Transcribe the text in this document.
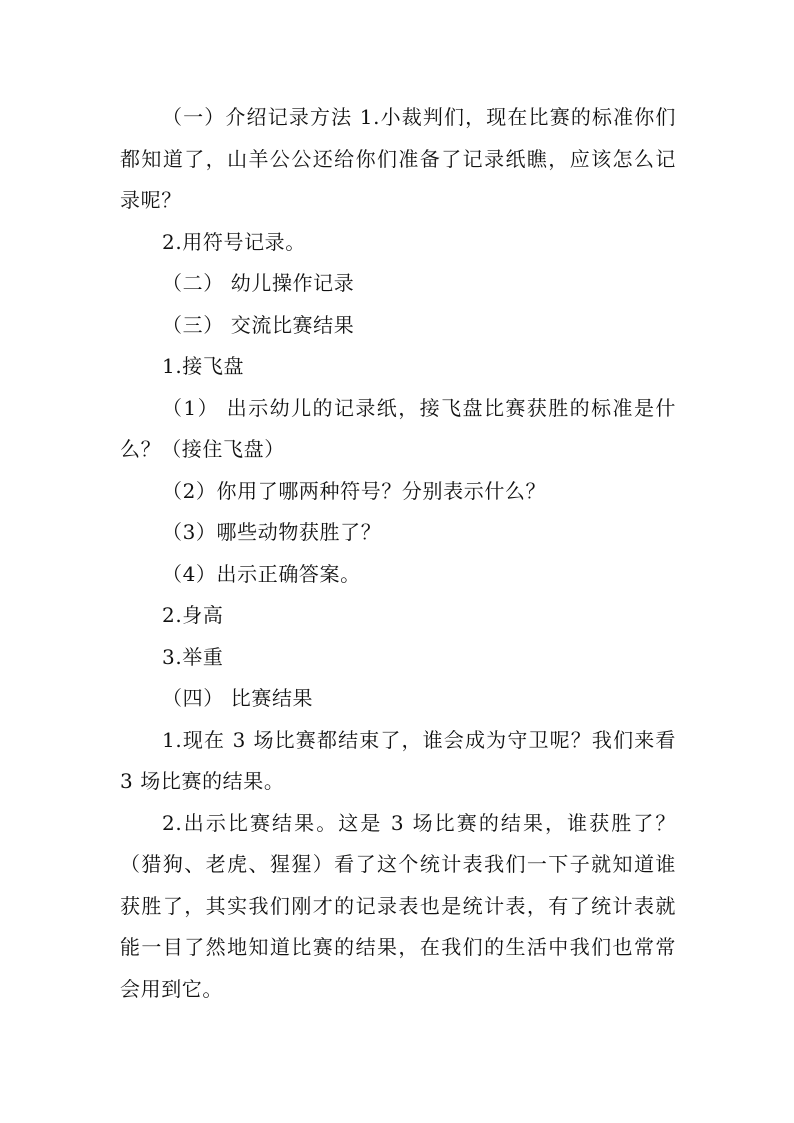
（一）介绍记录方法 1.小裁判们，现在比赛的标准你们都知道了，山羊公公还给你们准备了记录纸瞧，应该怎么记录呢？

2.用符号记录。

（二） 幼儿操作记录

（三） 交流比赛结果

1.接飞盘

（1） 出示幼儿的记录纸，接飞盘比赛获胜的标准是什么？（接住飞盘）

（2）你用了哪两种符号？分别表示什么？

（3）哪些动物获胜了？

（4）出示正确答案。

2.身高

3.举重

（四） 比赛结果

1.现在 3 场比赛都结束了，谁会成为守卫呢？我们来看 3 场比赛的结果。

2.出示比赛结果。这是 3 场比赛的结果，谁获胜了？（猎狗、老虎、猩猩）看了这个统计表我们一下子就知道谁获胜了，其实我们刚才的记录表也是统计表，有了统计表就能一目了然地知道比赛的结果，在我们的生活中我们也常常会用到它。
